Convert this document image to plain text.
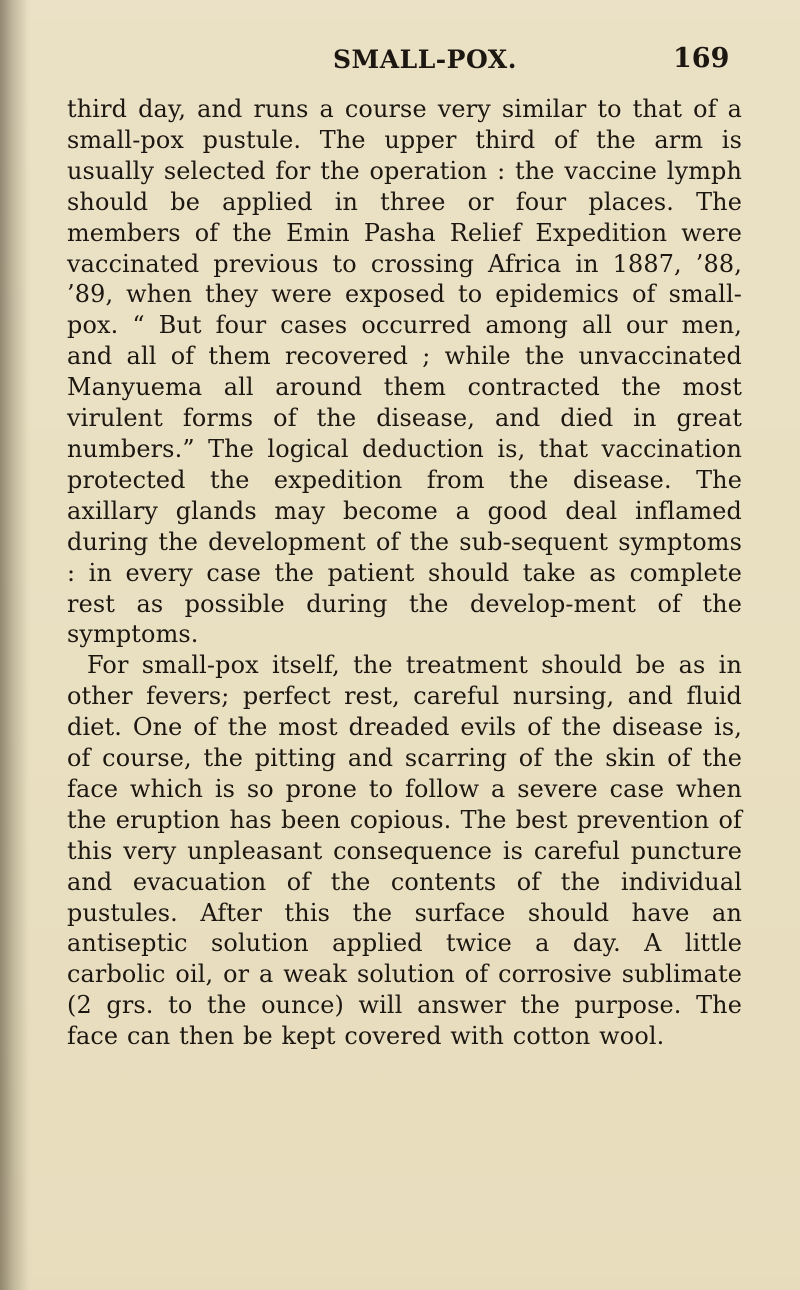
SMALL-POX.	169

third day, and runs a course very similar to that of a small-pox pustule. The upper third of the arm is usually selected for the operation : the vaccine lymph should be applied in three or four places. The members of the Emin Pasha Relief Expedition were vaccinated previous to crossing Africa in 1887, ’88, ’89, when they were exposed to epidemics of small-pox. “ But four cases occurred among all our men, and all of them recovered ; while the unvaccinated Manyuema all around them contracted the most virulent forms of the disease, and died in great numbers.” The logical deduction is, that vaccination protected the expedition from the disease. The axillary glands may become a good deal inflamed during the development of the sub-sequent symptoms : in every case the patient should take as complete rest as possible during the develop-ment of the symptoms.

For small-pox itself, the treatment should be as in other fevers; perfect rest, careful nursing, and fluid diet. One of the most dreaded evils of the disease is, of course, the pitting and scarring of the skin of the face which is so prone to follow a severe case when the eruption has been copious. The best prevention of this very unpleasant consequence is careful puncture and evacuation of the contents of the individual pustules. After this the surface should have an antiseptic solution applied twice a day. A little carbolic oil, or a weak solution of corrosive sublimate (2 grs. to the ounce) will answer the purpose. The face can then be kept covered with cotton wool.
